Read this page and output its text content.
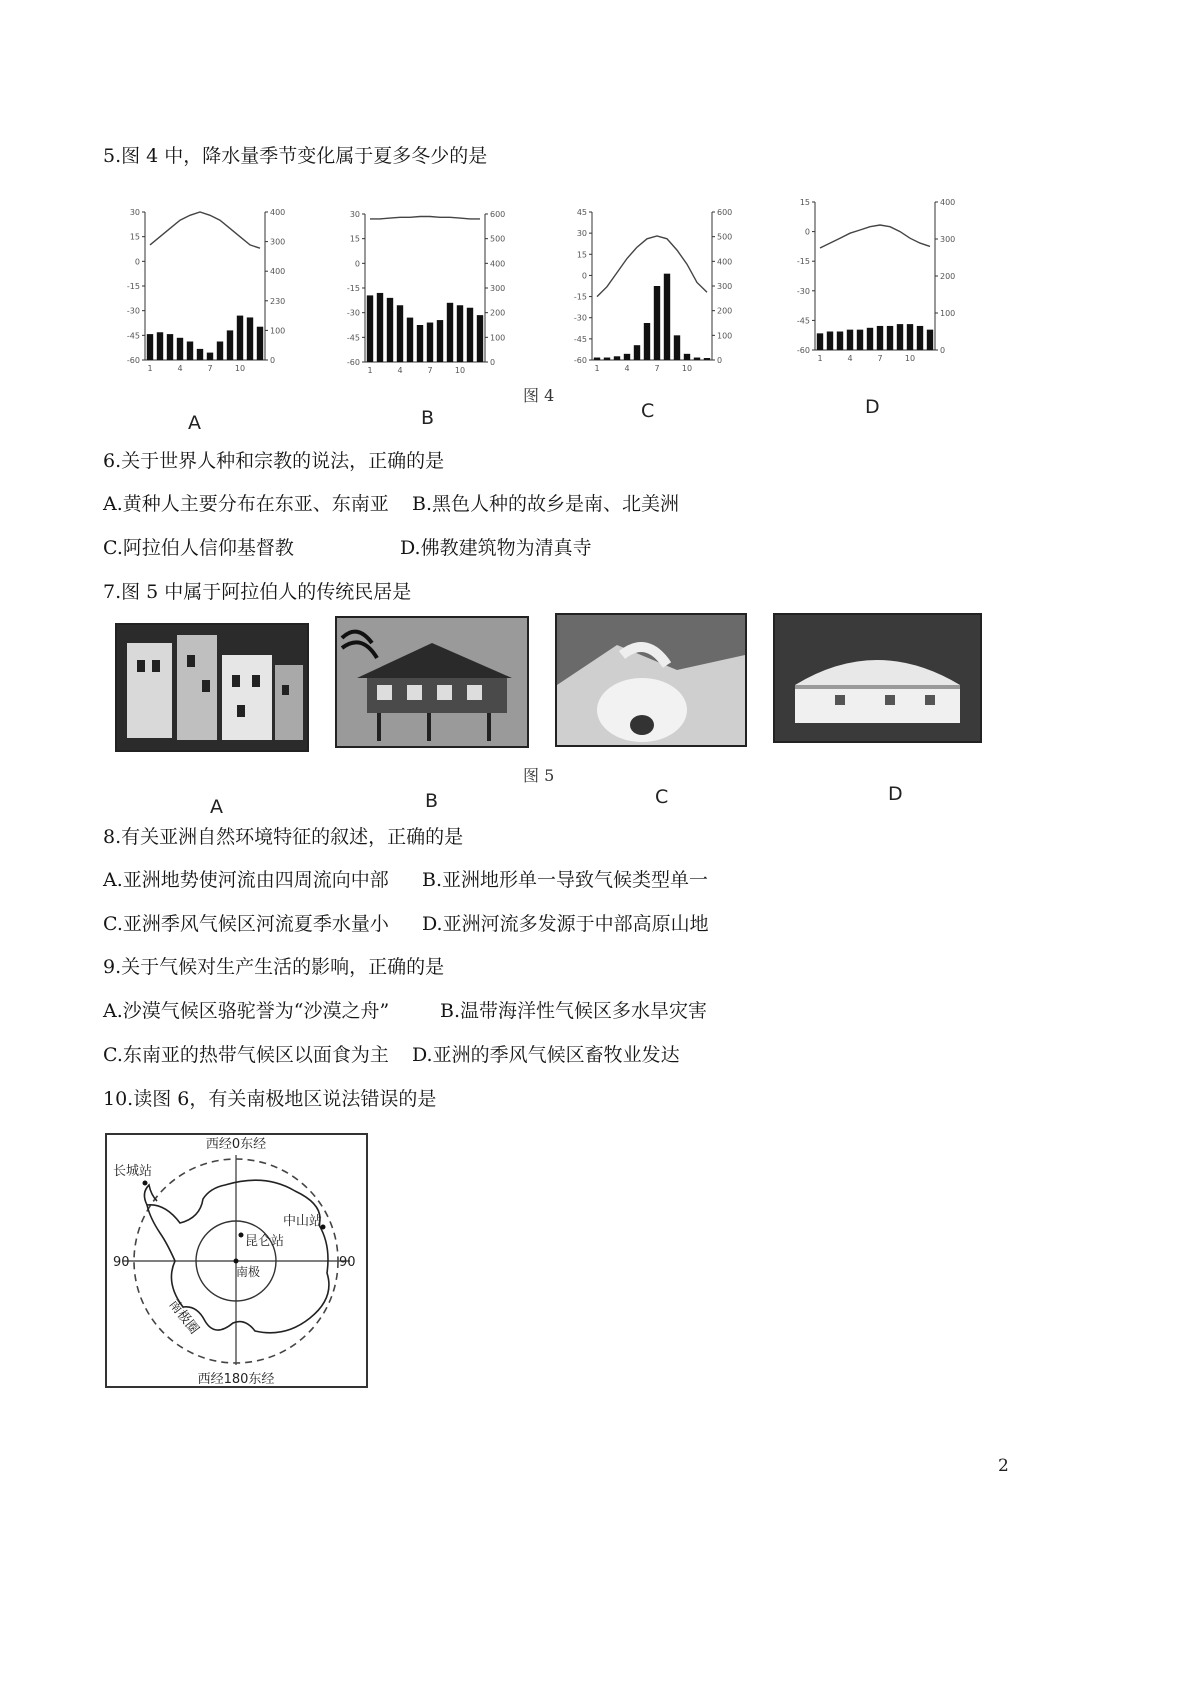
5.图 4 中，降水量季节变化属于夏多冬少的是
30
15
0
-15
-30
-45
-60
400
300
400
230
100
0
1	4	7	10
30
15
0
-15
-30
-45
-60
600
500
400
300
200
100
0
1	4	7	10
45
30
15
0
-15
-30
-45
-60
600
500
400
300
200
100
0
1	4	7	10
15
0
-15
-30
-45
-60
400
300
200
100
0
1	4	7	10
图 4
A	B	C	D
6.关于世界人种和宗教的说法，正确的是
A.黄种人主要分布在东亚、东南亚 B.黑色人种的故乡是南、北美洲
C.阿拉伯人信仰基督教	D.佛教建筑物为清真寺
7.图 5 中属于阿拉伯人的传统民居是
图 5
A	B	C	D
8.有关亚洲自然环境特征的叙述，正确的是
A.亚洲地势使河流由四周流向中部 B.亚洲地形单一导致气候类型单一
C.亚洲季风气候区河流夏季水量小 D.亚洲河流多发源于中部高原山地
9.关于气候对生产生活的影响，正确的是
A.沙漠气候区骆驼誉为“沙漠之舟”	B.温带海洋性气候区多水旱灾害
C.东南亚的热带气候区以面食为主 D.亚洲的季风气候区畜牧业发达
10.读图 6，有关南极地区说法错误的是
西经0东经
西经180东经
90	90
长城站
中山站
昆仑站
南极
南极圈
2
